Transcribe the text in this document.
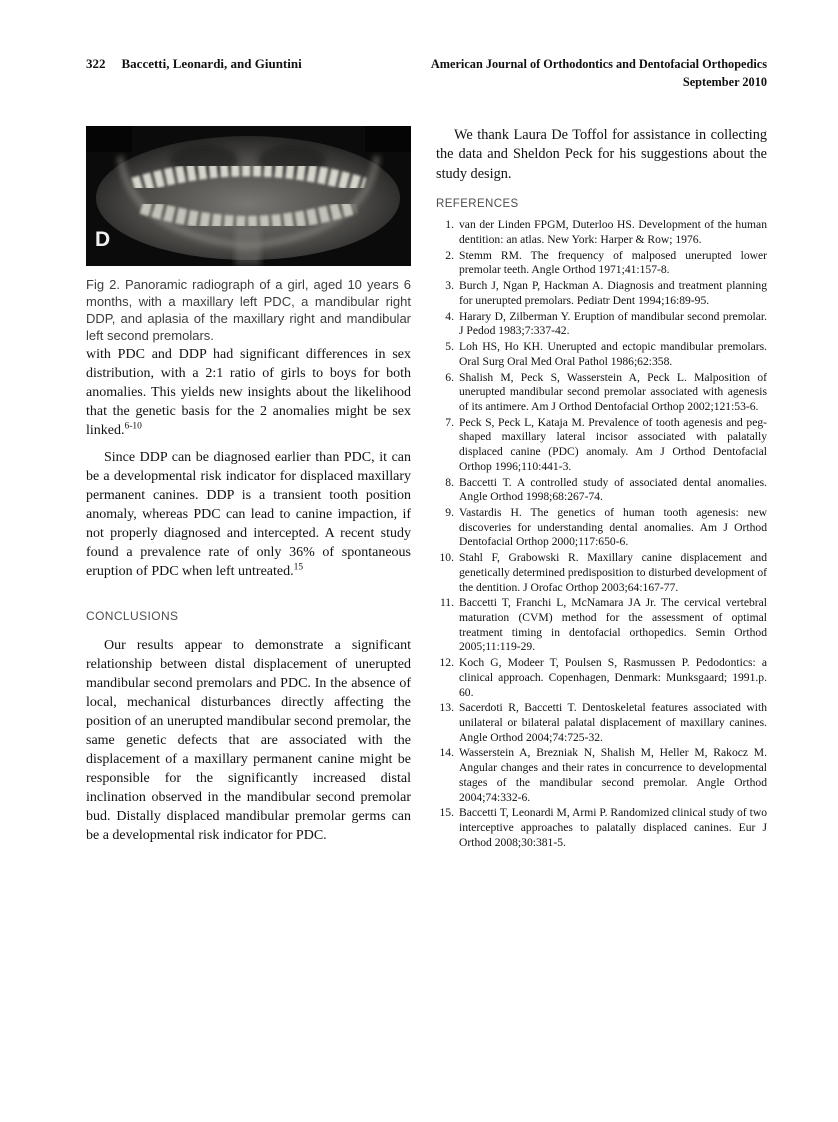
322 Baccetti, Leonardi, and Giuntini	American Journal of Orthodontics and Dentofacial Orthopedics
September 2010
D
Fig 2. Panoramic radiograph of a girl, aged 10 years 6 months, with a maxillary left PDC, a mandibular right DDP, and aplasia of the maxillary right and mandibular left second premolars.

with PDC and DDP had significant differences in sex distribution, with a 2:1 ratio of girls to boys for both anomalies. This yields new insights about the likelihood that the genetic basis for the 2 anomalies might be sex linked.$^{6-10}$

Since DDP can be diagnosed earlier than PDC, it can be a developmental risk indicator for displaced maxillary permanent canines. DDP is a transient tooth position anomaly, whereas PDC can lead to canine impaction, if not properly diagnosed and intercepted. A recent study found a prevalence rate of only 36% of spontaneous eruption of PDC when left untreated.$^{15}$

CONCLUSIONS

Our results appear to demonstrate a significant relationship between distal displacement of unerupted mandibular second premolars and PDC. In the absence of local, mechanical disturbances directly affecting the position of an unerupted mandibular second premolar, the same genetic defects that are associated with the displacement of a maxillary permanent canine might be responsible for the significantly increased distal inclination observed in the mandibular second premolar bud. Distally displaced mandibular premolar germs can be a developmental risk indicator for PDC.

We thank Laura De Toffol for assistance in collecting the data and Sheldon Peck for his suggestions about the study design.

REFERENCES
1. van der Linden FPGM, Duterloo HS. Development of the human dentition: an atlas. New York: Harper & Row; 1976.
2. Stemm RM. The frequency of malposed unerupted lower premolar teeth. Angle Orthod 1971;41:157-8.
3. Burch J, Ngan P, Hackman A. Diagnosis and treatment planning for unerupted premolars. Pediatr Dent 1994;16:89-95.
4. Harary D, Zilberman Y. Eruption of mandibular second premolar. J Pedod 1983;7:337-42.
5. Loh HS, Ho KH. Unerupted and ectopic mandibular premolars. Oral Surg Oral Med Oral Pathol 1986;62:358.
6. Shalish M, Peck S, Wasserstein A, Peck L. Malposition of unerupted mandibular second premolar associated with agenesis of its antimere. Am J Orthod Dentofacial Orthop 2002;121:53-6.
7. Peck S, Peck L, Kataja M. Prevalence of tooth agenesis and peg-shaped maxillary lateral incisor associated with palatally displaced canine (PDC) anomaly. Am J Orthod Dentofacial Orthop 1996;110:441-3.
8. Baccetti T. A controlled study of associated dental anomalies. Angle Orthod 1998;68:267-74.
9. Vastardis H. The genetics of human tooth agenesis: new discoveries for understanding dental anomalies. Am J Orthod Dentofacial Orthop 2000;117:650-6.
10. Stahl F, Grabowski R. Maxillary canine displacement and genetically determined predisposition to disturbed development of the dentition. J Orofac Orthop 2003;64:167-77.
11. Baccetti T, Franchi L, McNamara JA Jr. The cervical vertebral maturation (CVM) method for the assessment of optimal treatment timing in dentofacial orthopedics. Semin Orthod 2005;11:119-29.
12. Koch G, Modeer T, Poulsen S, Rasmussen P. Pedodontics: a clinical approach. Copenhagen, Denmark: Munksgaard; 1991.p. 60.
13. Sacerdoti R, Baccetti T. Dentoskeletal features associated with unilateral or bilateral palatal displacement of maxillary canines. Angle Orthod 2004;74:725-32.
14. Wasserstein A, Brezniak N, Shalish M, Heller M, Rakocz M. Angular changes and their rates in concurrence to developmental stages of the mandibular second premolar. Angle Orthod 2004;74:332-6.
15. Baccetti T, Leonardi M, Armi P. Randomized clinical study of two interceptive approaches to palatally displaced canines. Eur J Orthod 2008;30:381-5.
